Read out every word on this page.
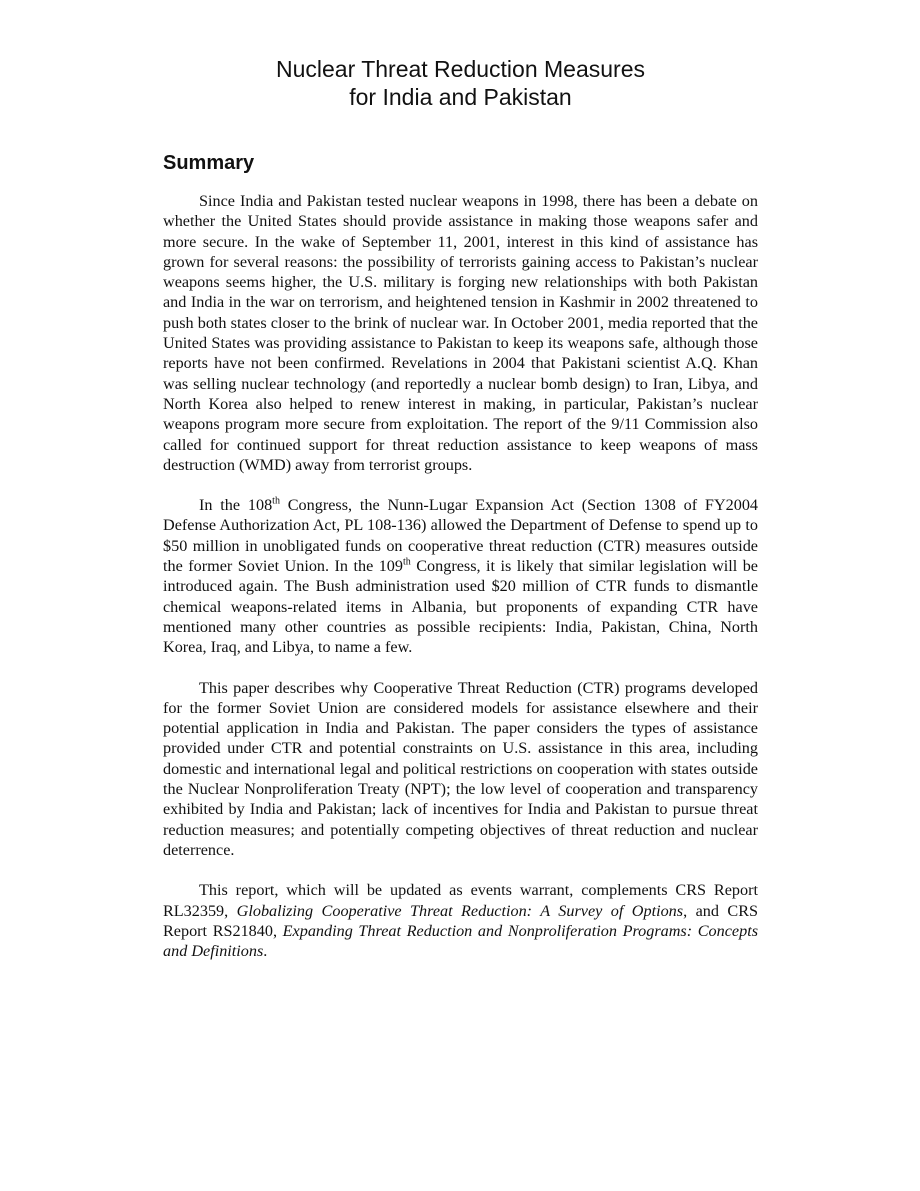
Nuclear Threat Reduction Measures
for India and Pakistan
Summary

Since India and Pakistan tested nuclear weapons in 1998, there has been a debate on whether the United States should provide assistance in making those weapons safer and more secure. In the wake of September 11, 2001, interest in this kind of assistance has grown for several reasons: the possibility of terrorists gaining access to Pakistan’s nuclear weapons seems higher, the U.S. military is forging new relationships with both Pakistan and India in the war on terrorism, and heightened tension in Kashmir in 2002 threatened to push both states closer to the brink of nuclear war. In October 2001, media reported that the United States was providing assistance to Pakistan to keep its weapons safe, although those reports have not been confirmed. Revelations in 2004 that Pakistani scientist A.Q. Khan was selling nuclear technology (and reportedly a nuclear bomb design) to Iran, Libya, and North Korea also helped to renew interest in making, in particular, Pakistan’s nuclear weapons program more secure from exploitation. The report of the 9/11 Commission also called for continued support for threat reduction assistance to keep weapons of mass destruction (WMD) away from terrorist groups.

In the 108th Congress, the Nunn-Lugar Expansion Act (Section 1308 of FY2004 Defense Authorization Act, PL 108-136) allowed the Department of Defense to spend up to $50 million in unobligated funds on cooperative threat reduction (CTR) measures outside the former Soviet Union. In the 109th Congress, it is likely that similar legislation will be introduced again. The Bush administration used $20 million of CTR funds to dismantle chemical weapons-related items in Albania, but proponents of expanding CTR have mentioned many other countries as possible recipients: India, Pakistan, China, North Korea, Iraq, and Libya, to name a few.

This paper describes why Cooperative Threat Reduction (CTR) programs developed for the former Soviet Union are considered models for assistance elsewhere and their potential application in India and Pakistan. The paper considers the types of assistance provided under CTR and potential constraints on U.S. assistance in this area, including domestic and international legal and political restrictions on cooperation with states outside the Nuclear Nonproliferation Treaty (NPT); the low level of cooperation and transparency exhibited by India and Pakistan; lack of incentives for India and Pakistan to pursue threat reduction measures; and potentially competing objectives of threat reduction and nuclear deterrence.

This report, which will be updated as events warrant, complements CRS Report RL32359, Globalizing Cooperative Threat Reduction: A Survey of Options, and CRS Report RS21840, Expanding Threat Reduction and Nonproliferation Programs: Concepts and Definitions.
